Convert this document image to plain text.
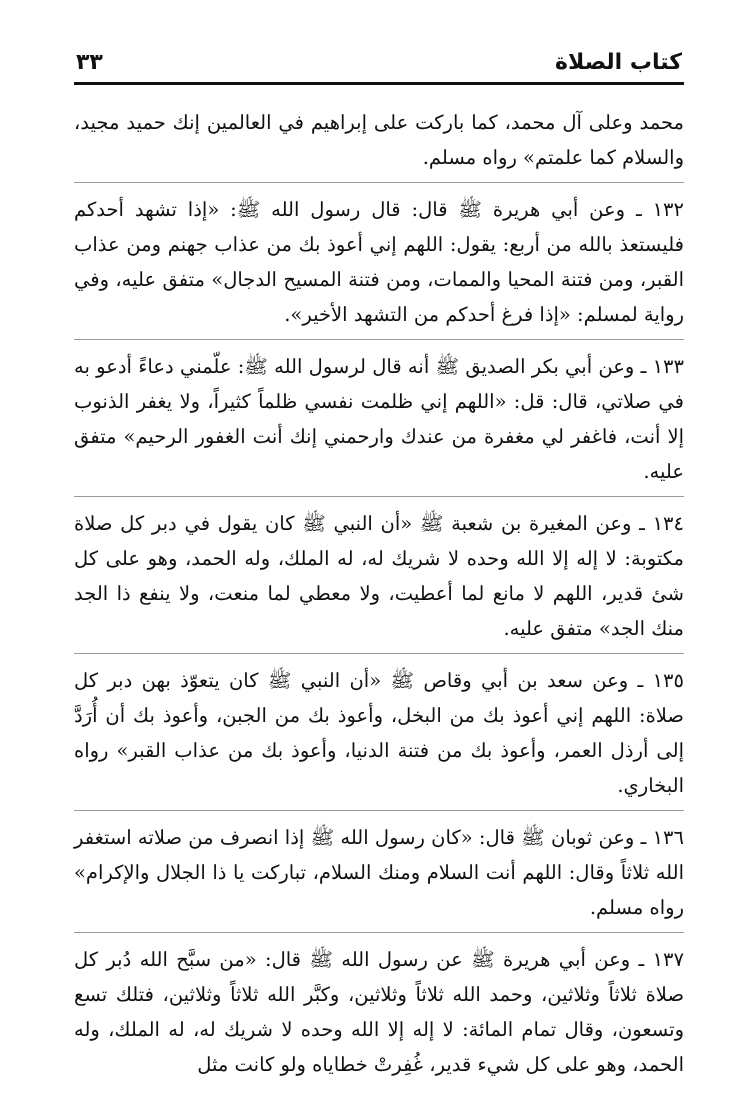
كتاب الصلاة
٣٣

محمد وعلى آل محمد، كما باركت على إبراهيم في العالمين إنك حميد مجيد، والسلام كما علمتم» رواه مسلم.

١٣٢ ـ وعن أبي هريرة ﷺ قال: قال رسول الله ﷺ: «إذا تشهد أحدكم فليستعذ بالله من أربع: يقول: اللهم إني أعوذ بك من عذاب جهنم ومن عذاب القبر، ومن فتنة المحيا والممات، ومن فتنة المسيح الدجال» متفق عليه، وفي رواية لمسلم: «إذا فرغ أحدكم من التشهد الأخير».

١٣٣ ـ وعن أبي بكر الصديق ﷺ أنه قال لرسول الله ﷺ: علّمني دعاءً أدعو به في صلاتي، قال: قل: «اللهم إني ظلمت نفسي ظلماً كثيراً، ولا يغفر الذنوب إلا أنت، فاغفر لي مغفرة من عندك وارحمني إنك أنت الغفور الرحيم» متفق عليه.

١٣٤ ـ وعن المغيرة بن شعبة ﷺ «أن النبي ﷺ كان يقول في دبر كل صلاة مكتوبة: لا إله إلا الله وحده لا شريك له، له الملك، وله الحمد، وهو على كل شئ قدير، اللهم لا مانع لما أعطيت، ولا معطي لما منعت، ولا ينفع ذا الجد منك الجد» متفق عليه.

١٣٥ ـ وعن سعد بن أبي وقاص ﷺ «أن النبي ﷺ كان يتعوّذ بهن دبر كل صلاة: اللهم إني أعوذ بك من البخل، وأعوذ بك من الجبن، وأعوذ بك أن أُرَدَّ إلى أرذل العمر، وأعوذ بك من فتنة الدنيا، وأعوذ بك من عذاب القبر» رواه البخاري.

١٣٦ ـ وعن ثوبان ﷺ قال: «كان رسول الله ﷺ إذا انصرف من صلاته استغفر الله ثلاثاً وقال: اللهم أنت السلام ومنك السلام، تباركت يا ذا الجلال والإكرام» رواه مسلم.

١٣٧ ـ وعن أبي هريرة ﷺ عن رسول الله ﷺ قال: «من سبَّح الله دُبر كل صلاة ثلاثاً وثلاثين، وحمد الله ثلاثاً وثلاثين، وكبَّر الله ثلاثاً وثلاثين، فتلك تسع وتسعون، وقال تمام المائة: لا إله إلا الله وحده لا شريك له، له الملك، وله الحمد، وهو على كل شيء قدير، غُفِرتْ خطاياه ولو كانت مثل
